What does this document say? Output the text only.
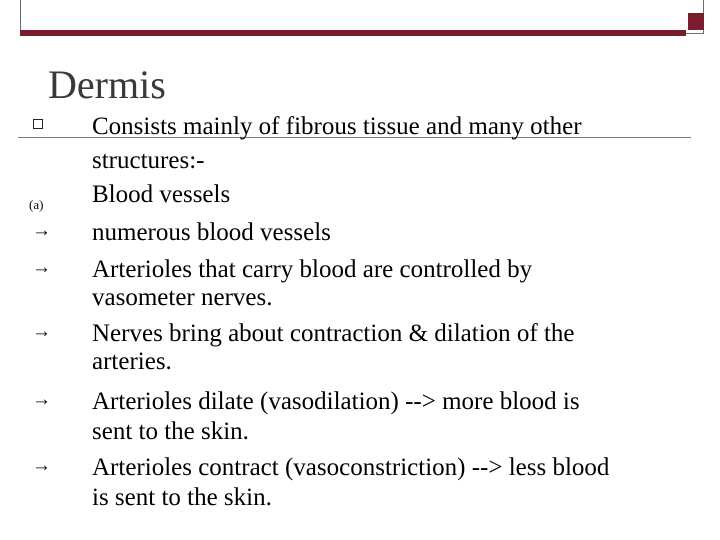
Dermis
Consists mainly of fibrous tissue and many other
structures:-
(a)	Blood vessels
→	numerous blood vessels
→	Arterioles that carry blood are controlled by
vasometer nerves.
→	Nerves bring about contraction & dilation of the
arteries.
→	Arterioles dilate (vasodilation) --> more blood is
sent to the skin.
→	Arterioles contract (vasoconstriction) --> less blood
is sent to the skin.
